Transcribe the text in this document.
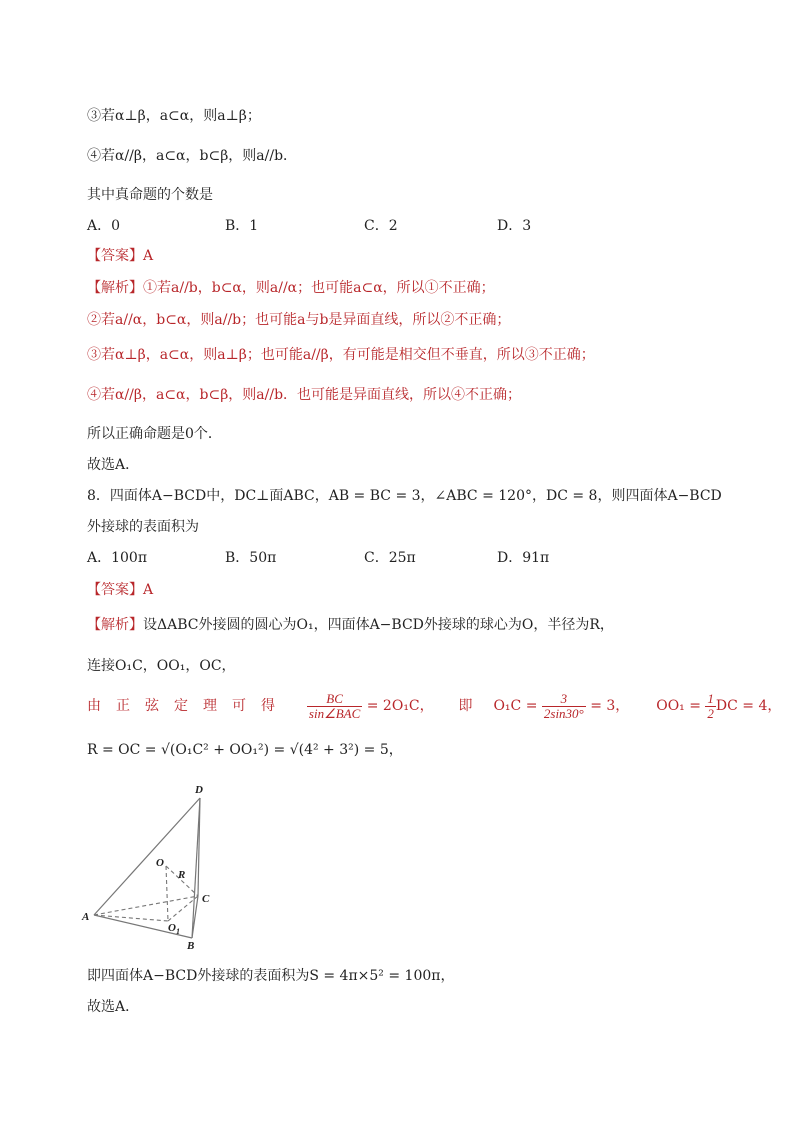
③若α⊥β，a⊂α，则a⊥β；
④若α//β，a⊂α，b⊂β，则a//b．
其中真命题的个数是
A．0	B．1	C．2	D．3
【答案】A
【解析】①若a//b，b⊂α，则a//α；也可能a⊂α，所以①不正确；
②若a//α，b⊂α，则a//b；也可能a与b是异面直线，所以②不正确；
③若α⊥β，a⊂α，则a⊥β；也可能a//β，有可能是相交但不垂直，所以③不正确；
④若α//β，a⊂α，b⊂β，则a//b．也可能是异面直线，所以④不正确；
所以正确命题是0个．
故选A．
8．四面体A−BCD中，DC⊥面ABC，AB = BC = 3，∠ABC = 120°，DC = 8，则四面体A−BCD
外接球的表面积为
A．100π	B．50π	C．25π	D．91π
【答案】A
【解析】设ΔABC外接圆的圆心为O₁，四面体A−BCD外接球的球心为O，半径为R，
连接O₁C，OO₁，OC，
由正弦定理可得 $\frac{BC}{\text{sin∠BAC}} = 2O_1C$， 即 $O_1C = \frac{3}{2\sin 30^\circ} = 3$， $OO_1 = \frac{1}{2}$ DC = 4，
R = OC = √(O₁C² + OO₁²) = √(4² + 3²) = 5，
D
O
R
C
A
O 1
B
即四面体A−BCD外接球的表面积为S = 4π×5² = 100π，
故选A．
